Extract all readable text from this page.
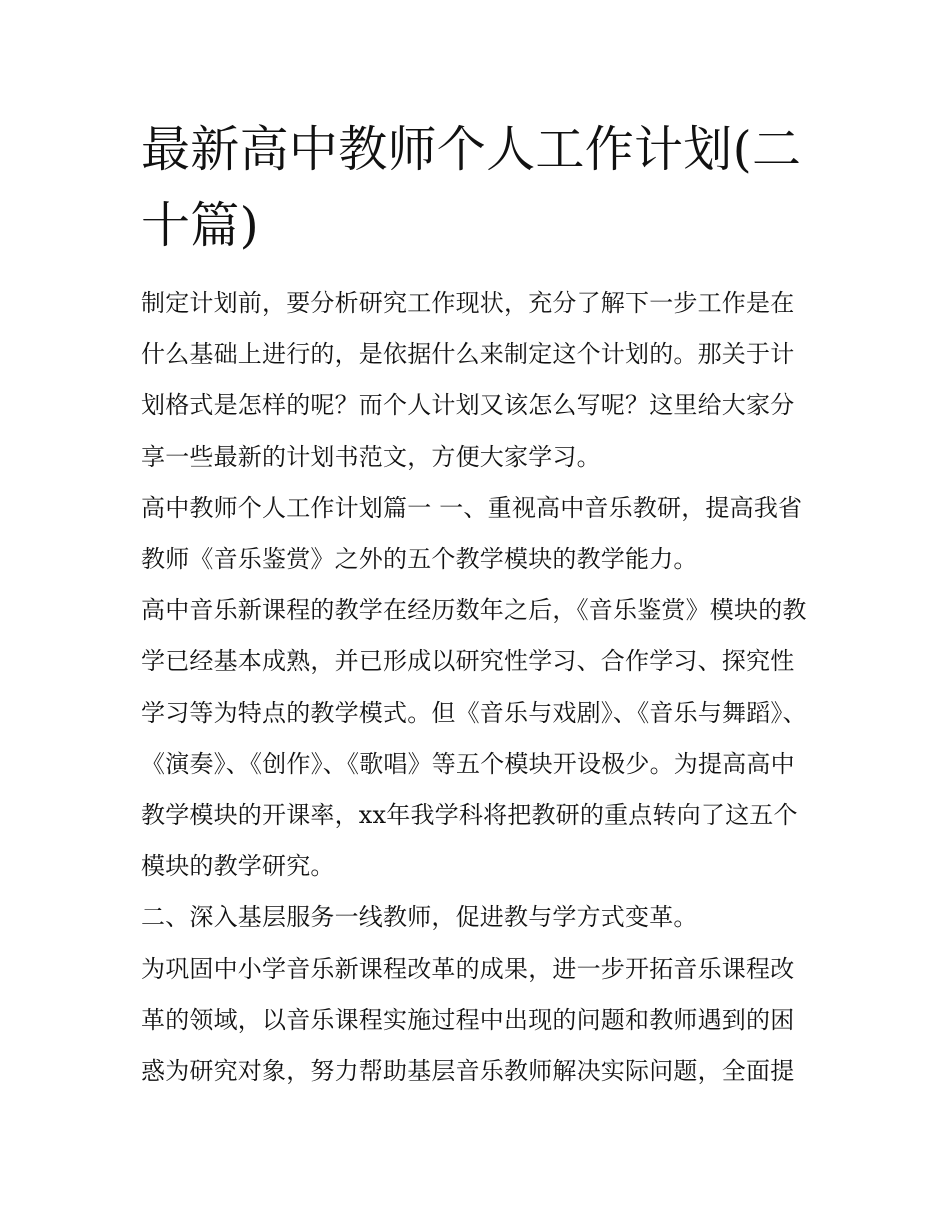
最新高中教师个人工作计划(二十篇)

制定计划前，要分析研究工作现状，充分了解下一步工作是在什么基础上进行的，是依据什么来制定这个计划的。那关于计划格式是怎样的呢？而个人计划又该怎么写呢？这里给大家分享一些最新的计划书范文，方便大家学习。

高中教师个人工作计划篇一 一、重视高中音乐教研，提高我省教师《音乐鉴赏》之外的五个教学模块的教学能力。

高中音乐新课程的教学在经历数年之后，《音乐鉴赏》模块的教学已经基本成熟，并已形成以研究性学习、合作学习、探究性学习等为特点的教学模式。但《音乐与戏剧》、《音乐与舞蹈》、《演奏》、《创作》、《歌唱》等五个模块开设极少。为提高高中教学模块的开课率，xx年我学科将把教研的重点转向了这五个模块的教学研究。

二、深入基层服务一线教师，促进教与学方式变革。

为巩固中小学音乐新课程改革的成果，进一步开拓音乐课程改革的领域，以音乐课程实施过程中出现的问题和教师遇到的困惑为研究对象，努力帮助基层音乐教师解决实际问题，全面提
